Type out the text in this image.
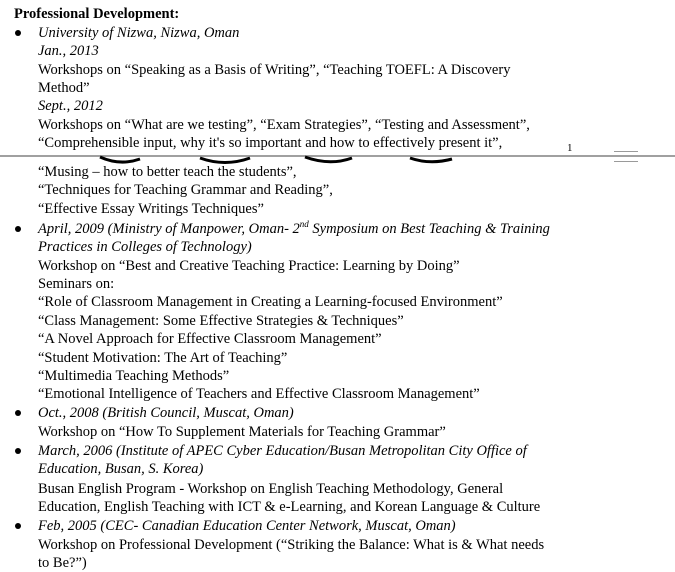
Professional Development:
University of Nizwa, Nizwa, Oman
Jan., 2013
Workshops on “Speaking as a Basis of Writing”, “Teaching TOEFL: A Discovery
Method”
Sept., 2012
Workshops on “What are we testing”, “Exam Strategies”, “Testing and Assessment”,
“Comprehensible input, why it's so important and how to effectively present it”,	1
“Musing – how to better teach the students”,
“Techniques for Teaching Grammar and Reading”,
“Effective Essay Writings Techniques”
April, 2009 (Ministry of Manpower, Oman- 2nd Symposium on Best Teaching & Training
Practices in Colleges of Technology)
Workshop on “Best and Creative Teaching Practice: Learning by Doing”
Seminars on:
“Role of Classroom Management in Creating a Learning-focused Environment”
“Class Management: Some Effective Strategies & Techniques”
“A Novel Approach for Effective Classroom Management”
“Student Motivation: The Art of Teaching”
“Multimedia Teaching Methods”
“Emotional Intelligence of Teachers and Effective Classroom Management”
Oct., 2008 (British Council, Muscat, Oman)
Workshop on “How To Supplement Materials for Teaching Grammar”
March, 2006 (Institute of APEC Cyber Education/Busan Metropolitan City Office of
Education, Busan, S. Korea)
Busan English Program - Workshop on English Teaching Methodology, General
Education, English Teaching with ICT & e-Learning, and Korean Language & Culture
Feb, 2005 (CEC- Canadian Education Center Network, Muscat, Oman)
Workshop on Professional Development (“Striking the Balance: What is & What needs
to Be?”)
